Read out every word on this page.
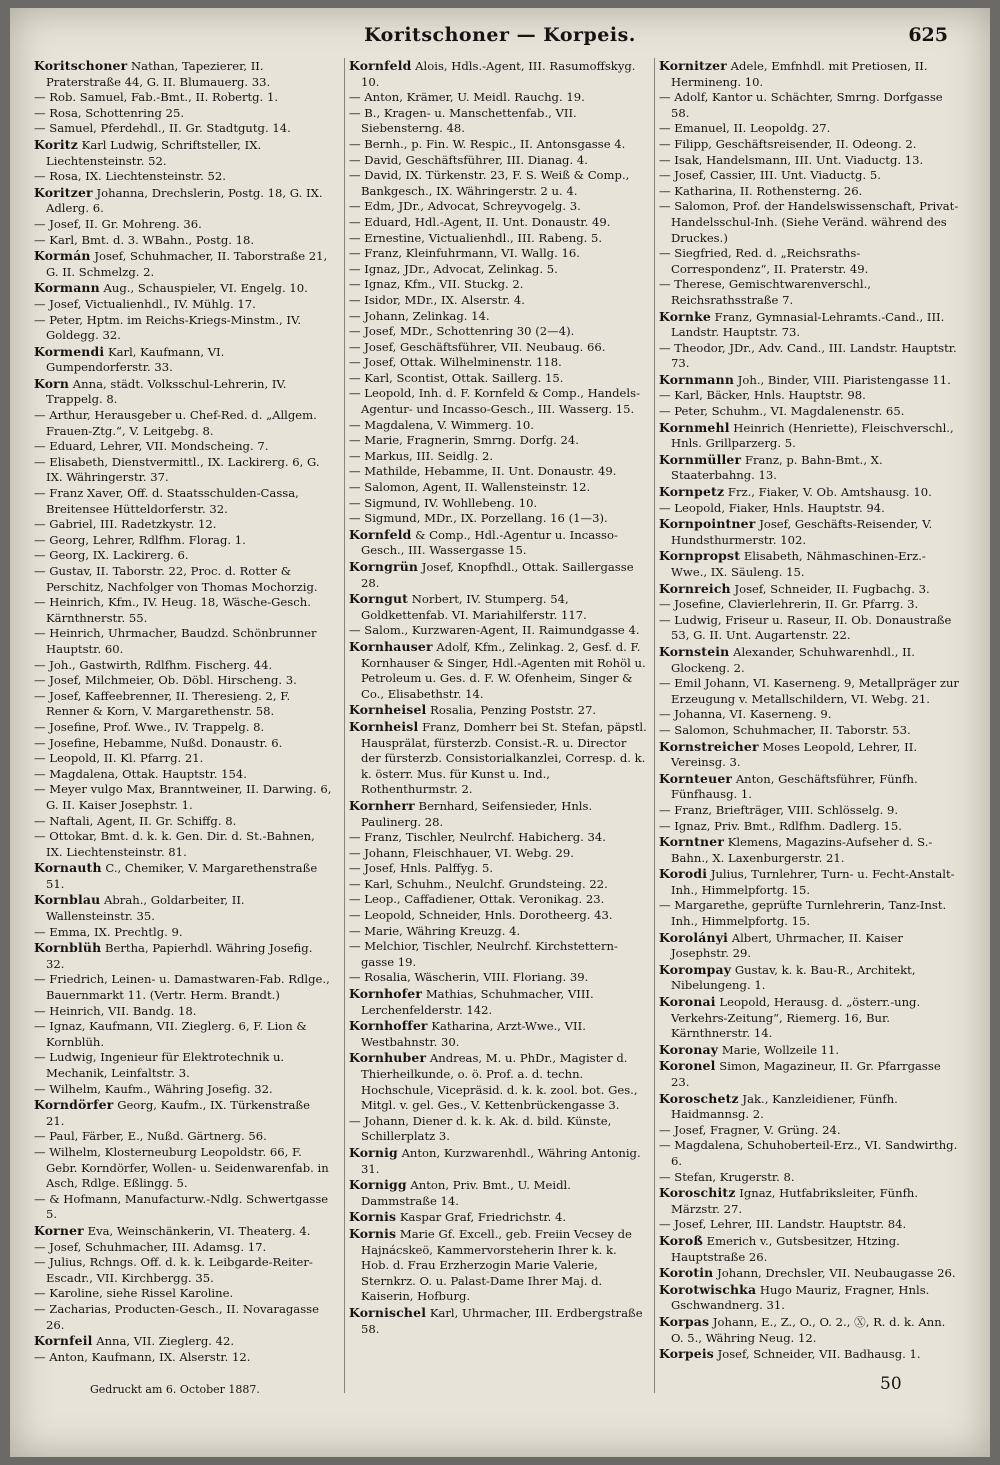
Koritschoner — Korpeis.	625

Koritschoner Nathan, Tapezierer, II. Praterstraße 44, G. II. Blumauerg. 33.

— Rob. Samuel, Fab.-Bmt., II. Robertg. 1.

— Rosa, Schottenring 25.

— Samuel, Pferdehdl., II. Gr. Stadtgutg. 14.

Koritz Karl Ludwig, Schriftsteller, IX. Liechtensteinstr. 52.

— Rosa, IX. Liechtensteinstr. 52.

Koritzer Johanna, Drechslerin, Postg. 18, G. IX. Adlerg. 6.

— Josef, II. Gr. Mohreng. 36.

— Karl, Bmt. d. 3. WBahn., Postg. 18.

Kormán Josef, Schuhmacher, II. Taborstraße 21, G. II. Schmelzg. 2.

Kormann Aug., Schauspieler, VI. Engelg. 10.

— Josef, Victualienhdl., IV. Mühlg. 17.

— Peter, Hptm. im Reichs-Kriegs-Minstm., IV. Goldegg. 32.

Kormendi Karl, Kaufmann, VI. Gumpendorferstr. 33.

Korn Anna, städt. Volksschul-Lehrerin, IV. Trappelg. 8.

— Arthur, Herausgeber u. Chef-Red. d. „Allgem. Frauen-Ztg.“, V. Leitgebg. 8.

— Eduard, Lehrer, VII. Mondscheing. 7.

— Elisabeth, Dienstvermittl., IX. Lackirerg. 6, G. IX. Währingerstr. 37.

— Franz Xaver, Off. d. Staatsschulden-Cassa, Breitensee Hütteldorferstr. 32.

— Gabriel, III. Radetzkystr. 12.

— Georg, Lehrer, Rdlfhm. Florag. 1.

— Georg, IX. Lackirerg. 6.

— Gustav, II. Taborstr. 22, Proc. d. Rotter & Perschitz, Nachfolger von Thomas Mochorzig.

— Heinrich, Kfm., IV. Heug. 18, Wäsche-Gesch. Kärnthnerstr. 55.

— Heinrich, Uhrmacher, Baudzd. Schönbrunner Hauptstr. 60.

— Joh., Gastwirth, Rdlfhm. Fischerg. 44.

— Josef, Milchmeier, Ob. Döbl. Hirscheng. 3.

— Josef, Kaffeebrenner, II. Theresieng. 2, F. Renner & Korn, V. Margarethenstr. 58.

— Josefine, Prof. Wwe., IV. Trappelg. 8.

— Josefine, Hebamme, Nußd. Donaustr. 6.

— Leopold, II. Kl. Pfarrg. 21.

— Magdalena, Ottak. Hauptstr. 154.

— Meyer vulgo Max, Branntweiner, II. Darwing. 6, G. II. Kaiser Josephstr. 1.

— Naftali, Agent, II. Gr. Schiffg. 8.

— Ottokar, Bmt. d. k. k. Gen. Dir. d. St.-Bahnen, IX. Liechtensteinstr. 81.

Kornauth C., Chemiker, V. Margarethenstraße 51.

Kornblau Abrah., Goldarbeiter, II. Wallensteinstr. 35.

— Emma, IX. Prechtlg. 9.

Kornblüh Bertha, Papierhdl. Währing Josefig. 32.

— Friedrich, Leinen- u. Damastwaren-Fab. Rdlge., Bauernmarkt 11. (Vertr. Herm. Brandt.)

— Heinrich, VII. Bandg. 18.

— Ignaz, Kaufmann, VII. Zieglerg. 6, F. Lion & Kornblüh.

— Ludwig, Ingenieur für Elektrotechnik u. Mechanik, Leinfaltstr. 3.

— Wilhelm, Kaufm., Währing Josefig. 32.

Korndörfer Georg, Kaufm., IX. Türkenstraße 21.

— Paul, Färber, E., Nußd. Gärtnerg. 56.

— Wilhelm, Klosterneuburg Leopoldstr. 66, F. Gebr. Korndörfer, Wollen- u. Seidenwarenfab. in Asch, Rdlge. Eßlingg. 5.

— & Hofmann, Manufacturw.-Ndlg. Schwertgasse 5.

Korner Eva, Weinschänkerin, VI. Theaterg. 4.

— Josef, Schuhmacher, III. Adamsg. 17.

— Julius, Rchngs. Off. d. k. k. Leibgarde-Reiter-Escadr., VII. Kirchbergg. 35.

— Karoline, siehe Rissel Karoline.

— Zacharias, Producten-Gesch., II. Novaragasse 26.

Kornfeil Anna, VII. Zieglerg. 42.

— Anton, Kaufmann, IX. Alserstr. 12.

Kornfeld Alois, Hdls.-Agent, III. Rasumoffskyg. 10.

— Anton, Krämer, U. Meidl. Rauchg. 19.

— B., Kragen- u. Manschettenfab., VII. Siebensterng. 48.

— Bernh., p. Fin. W. Respic., II. Antonsgasse 4.

— David, Geschäftsführer, III. Dianag. 4.

— David, IX. Türkenstr. 23, F. S. Weiß & Comp., Bankgesch., IX. Währingerstr. 2 u. 4.

— Edm, JDr., Advocat, Schreyvogelg. 3.

— Eduard, Hdl.-Agent, II. Unt. Donaustr. 49.

— Ernestine, Victualienhdl., III. Rabeng. 5.

— Franz, Kleinfuhrmann, VI. Wallg. 16.

— Ignaz, JDr., Advocat, Zelinkag. 5.

— Ignaz, Kfm., VII. Stuckg. 2.

— Isidor, MDr., IX. Alserstr. 4.

— Johann, Zelinkag. 14.

— Josef, MDr., Schottenring 30 (2—4).

— Josef, Geschäftsführer, VII. Neubaug. 66.

— Josef, Ottak. Wilhelminenstr. 118.

— Karl, Scontist, Ottak. Saillerg. 15.

— Leopold, Inh. d. F. Kornfeld & Comp., Handels-Agentur- und Incasso-Gesch., III. Wasserg. 15.

— Magdalena, V. Wimmerg. 10.

— Marie, Fragnerin, Smrng. Dorfg. 24.

— Markus, III. Seidlg. 2.

— Mathilde, Hebamme, II. Unt. Donaustr. 49.

— Salomon, Agent, II. Wallensteinstr. 12.

— Sigmund, IV. Wohllebeng. 10.

— Sigmund, MDr., IX. Porzellang. 16 (1—3).

Kornfeld & Comp., Hdl.-Agentur u. Incasso-Gesch., III. Wassergasse 15.

Korngrün Josef, Knopfhdl., Ottak. Saillergasse 28.

Korngut Norbert, IV. Stumperg. 54, Goldkettenfab. VI. Mariahilferstr. 117.

— Salom., Kurzwaren-Agent, II. Raimundgasse 4.

Kornhauser Adolf, Kfm., Zelinkag. 2, Gesf. d. F. Kornhauser & Singer, Hdl.-Agenten mit Rohöl u. Petroleum u. Ges. d. F. W. Ofenheim, Singer & Co., Elisabethstr. 14.

Kornheisel Rosalia, Penzing Poststr. 27.

Kornheisl Franz, Domherr bei St. Stefan, päpstl. Hausprälat, fürsterzb. Consist.-R. u. Director der fürsterzb. Consistorialkanzlei, Corresp. d. k. k. österr. Mus. für Kunst u. Ind., Rothenthurmstr. 2.

Kornherr Bernhard, Seifensieder, Hnls. Paulinerg. 28.

— Franz, Tischler, Neulrchf. Habicherg. 34.

— Johann, Fleischhauer, VI. Webg. 29.

— Josef, Hnls. Palffyg. 5.

— Karl, Schuhm., Neulchf. Grundsteing. 22.

— Leop., Caffadiener, Ottak. Veronikag. 23.

— Leopold, Schneider, Hnls. Dorotheerg. 43.

— Marie, Währing Kreuzg. 4.

— Melchior, Tischler, Neulrchf. Kirchstettern-gasse 19.

— Rosalia, Wäscherin, VIII. Floriang. 39.

Kornhofer Mathias, Schuhmacher, VIII. Lerchenfelderstr. 142.

Kornhoffer Katharina, Arzt-Wwe., VII. Westbahnstr. 30.

Kornhuber Andreas, M. u. PhDr., Magister d. Thierheilkunde, o. ö. Prof. a. d. techn. Hochschule, Vicepräsid. d. k. k. zool. bot. Ges., Mitgl. v. gel. Ges., V. Kettenbrückengasse 3.

— Johann, Diener d. k. k. Ak. d. bild. Künste, Schillerplatz 3.

Kornig Anton, Kurzwarenhdl., Währing Antonig. 31.

Kornigg Anton, Priv. Bmt., U. Meidl. Dammstraße 14.

Kornis Kaspar Graf, Friedrichstr. 4.

Kornis Marie Gf. Excell., geb. Freiin Vecsey de Hajnácskeö, Kammervorsteherin Ihrer k. k. Hob. d. Frau Erzherzogin Marie Valerie, Sternkrz. O. u. Palast-Dame Ihrer Maj. d. Kaiserin, Hofburg.

Kornischel Karl, Uhrmacher, III. Erdbergstraße 58.

Kornitzer Adele, Emfnhdl. mit Pretiosen, II. Hermineng. 10.

— Adolf, Kantor u. Schächter, Smrng. Dorfgasse 58.

— Emanuel, II. Leopoldg. 27.

— Filipp, Geschäftsreisender, II. Odeong. 2.

— Isak, Handelsmann, III. Unt. Viaductg. 13.

— Josef, Cassier, III. Unt. Viaductg. 5.

— Katharina, II. Rothensterng. 26.

— Salomon, Prof. der Handelswissenschaft, Privat-Handelsschul-Inh. (Siehe Veränd. während des Druckes.)

— Siegfried, Red. d. „Reichsraths-Correspondenz“, II. Praterstr. 49.

— Therese, Gemischtwarenverschl., Reichsrathsstraße 7.

Kornke Franz, Gymnasial-Lehramts.-Cand., III. Landstr. Hauptstr. 73.

— Theodor, JDr., Adv. Cand., III. Landstr. Hauptstr. 73.

Kornmann Joh., Binder, VIII. Piaristengasse 11.

— Karl, Bäcker, Hnls. Hauptstr. 98.

— Peter, Schuhm., VI. Magdalenenstr. 65.

Kornmehl Heinrich (Henriette), Fleischverschl., Hnls. Grillparzerg. 5.

Kornmüller Franz, p. Bahn-Bmt., X. Staaterbahng. 13.

Kornpetz Frz., Fiaker, V. Ob. Amtshausg. 10.

— Leopold, Fiaker, Hnls. Hauptstr. 94.

Kornpointner Josef, Geschäfts-Reisender, V. Hundsthurmerstr. 102.

Kornpropst Elisabeth, Nähmaschinen-Erz.-Wwe., IX. Säuleng. 15.

Kornreich Josef, Schneider, II. Fugbachg. 3.

— Josefine, Clavierlehrerin, II. Gr. Pfarrg. 3.

— Ludwig, Friseur u. Raseur, II. Ob. Donaustraße 53, G. II. Unt. Augartenstr. 22.

Kornstein Alexander, Schuhwarenhdl., II. Glockeng. 2.

— Emil Johann, VI. Kaserneng. 9, Metallpräger zur Erzeugung v. Metallschildern, VI. Webg. 21.

— Johanna, VI. Kaserneng. 9.

— Salomon, Schuhmacher, II. Taborstr. 53.

Kornstreicher Moses Leopold, Lehrer, II. Vereinsg. 3.

Kornteuer Anton, Geschäftsführer, Fünfh. Fünfhausg. 1.

— Franz, Briefträger, VIII. Schlösselg. 9.

— Ignaz, Priv. Bmt., Rdlfhm. Dadlerg. 15.

Korntner Klemens, Magazins-Aufseher d. S.-Bahn., X. Laxenburgerstr. 21.

Korodi Julius, Turnlehrer, Turn- u. Fecht-Anstalt-Inh., Himmelpfortg. 15.

— Margarethe, geprüfte Turnlehrerin, Tanz-Inst. Inh., Himmelpfortg. 15.

Korolányi Albert, Uhrmacher, II. Kaiser Josephstr. 29.

Korompay Gustav, k. k. Bau-R., Architekt, Nibelungeng. 1.

Koronai Leopold, Herausg. d. „österr.-ung. Verkehrs-Zeitung“, Riemerg. 16, Bur. Kärnthnerstr. 14.

Koronay Marie, Wollzeile 11.

Koronel Simon, Magazineur, II. Gr. Pfarrgasse 23.

Koroschetz Jak., Kanzleidiener, Fünfh. Haidmannsg. 2.

— Josef, Fragner, V. Grüng. 24.

— Magdalena, Schuhoberteil-Erz., VI. Sandwirthg. 6.

— Stefan, Krugerstr. 8.

Koroschitz Ignaz, Hutfabriksleiter, Fünfh. Märzstr. 27.

— Josef, Lehrer, III. Landstr. Hauptstr. 84.

Koroß Emerich v., Gutsbesitzer, Htzing. Hauptstraße 26.

Korotin Johann, Drechsler, VII. Neubaugasse 26.

Korotwischka Hugo Mauriz, Fragner, Hnls. Gschwandnerg. 31.

Korpas Johann, E., Z., O., O. 2., Ⓧ, R. d. k. Ann. O. 5., Währing Neug. 12.

Korpeis Josef, Schneider, VII. Badhausg. 1.

Gedruckt am 6. October 1887.	50
